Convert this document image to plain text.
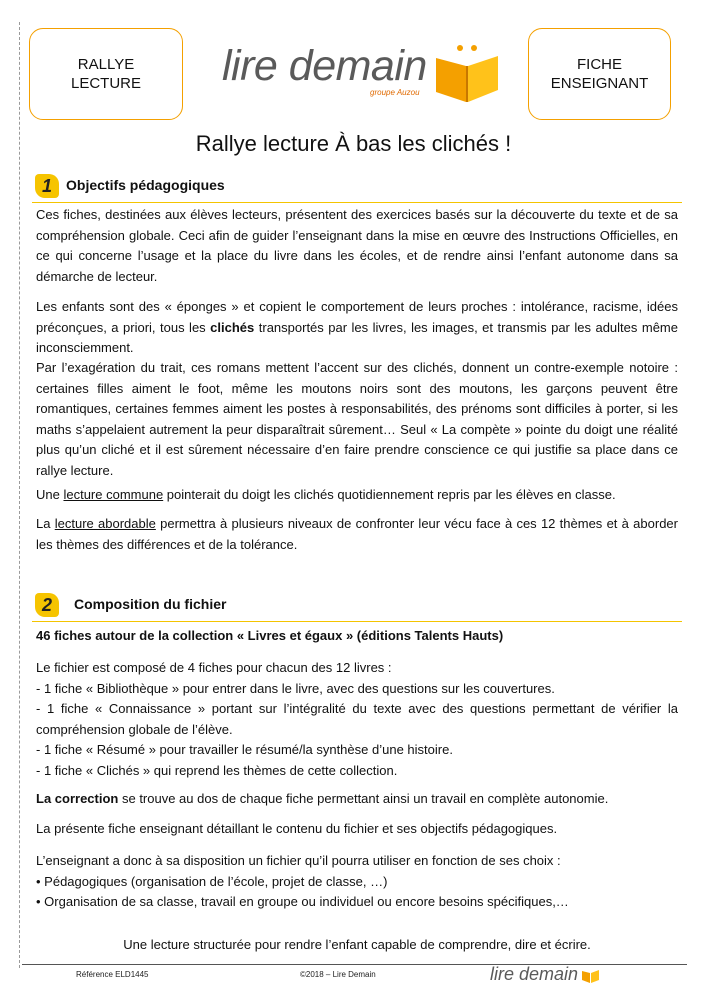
RALLYE LECTURE lire demain
groupe Auzou
FICHE ENSEIGNANT
Rallye lecture À bas les clichés !
1	Objectifs pédagogiques
Ces fiches, destinées aux élèves lecteurs, présentent des exercices basés sur la découverte du texte et de sa compréhension globale. Ceci afin de guider l’enseignant dans la mise en œuvre des Instructions Officielles, en ce qui concerne l’usage et la place du livre dans les écoles, et de rendre ainsi l’enfant autonome dans sa démarche de lecteur.
Les enfants sont des « éponges » et copient le comportement de leurs proches : intolérance, racisme, idées préconçues, a priori, tous les clichés transportés par les livres, les images, et transmis par les adultes même inconsciemment.
Par l’exagération du trait, ces romans mettent l’accent sur des clichés, donnent un contre-exemple notoire : certaines filles aiment le foot, même les moutons noirs sont des moutons, les garçons peuvent être romantiques, certaines femmes aiment les postes à responsabilités, des prénoms sont difficiles à porter, si les maths s’appelaient autrement la peur disparaîtrait sûrement… Seul « La compète » pointe du doigt une réalité plus qu’un cliché et il est sûrement nécessaire d’en faire prendre conscience ce qui justifie sa place dans ce rallye lecture.
Une lecture commune pointerait du doigt les clichés quotidiennement repris par les élèves en classe.
La lecture abordable permettra à plusieurs niveaux de confronter leur vécu face à ces 12 thèmes et à aborder les thèmes des différences et de la tolérance.
2	Composition du fichier
46 fiches autour de la collection « Livres et égaux » (éditions Talents Hauts)

Le fichier est composé de 4 fiches pour chacun des 12 livres :

- 1 fiche « Bibliothèque » pour entrer dans le livre, avec des questions sur les couvertures.

- 1 fiche « Connaissance » portant sur l’intégralité du texte avec des questions permettant de vérifier la compréhension globale de l’élève.

- 1 fiche « Résumé » pour travailler le résumé/la synthèse d’une histoire.

- 1 fiche « Clichés » qui reprend les thèmes de cette collection.

La correction se trouve au dos de chaque fiche permettant ainsi un travail en complète autonomie.
La présente fiche enseignant détaillant le contenu du fichier et ses objectifs pédagogiques.

L’enseignant a donc à sa disposition un fichier qu’il pourra utiliser en fonction de ses choix :

• Pédagogiques (organisation de l’école, projet de classe, …)

• Organisation de sa classe, travail en groupe ou individuel ou encore besoins spécifiques,…

Une lecture structurée pour rendre l’enfant capable de comprendre, dire et écrire.
Référence ELD1445	©2018 – Lire Demain	lire demain
